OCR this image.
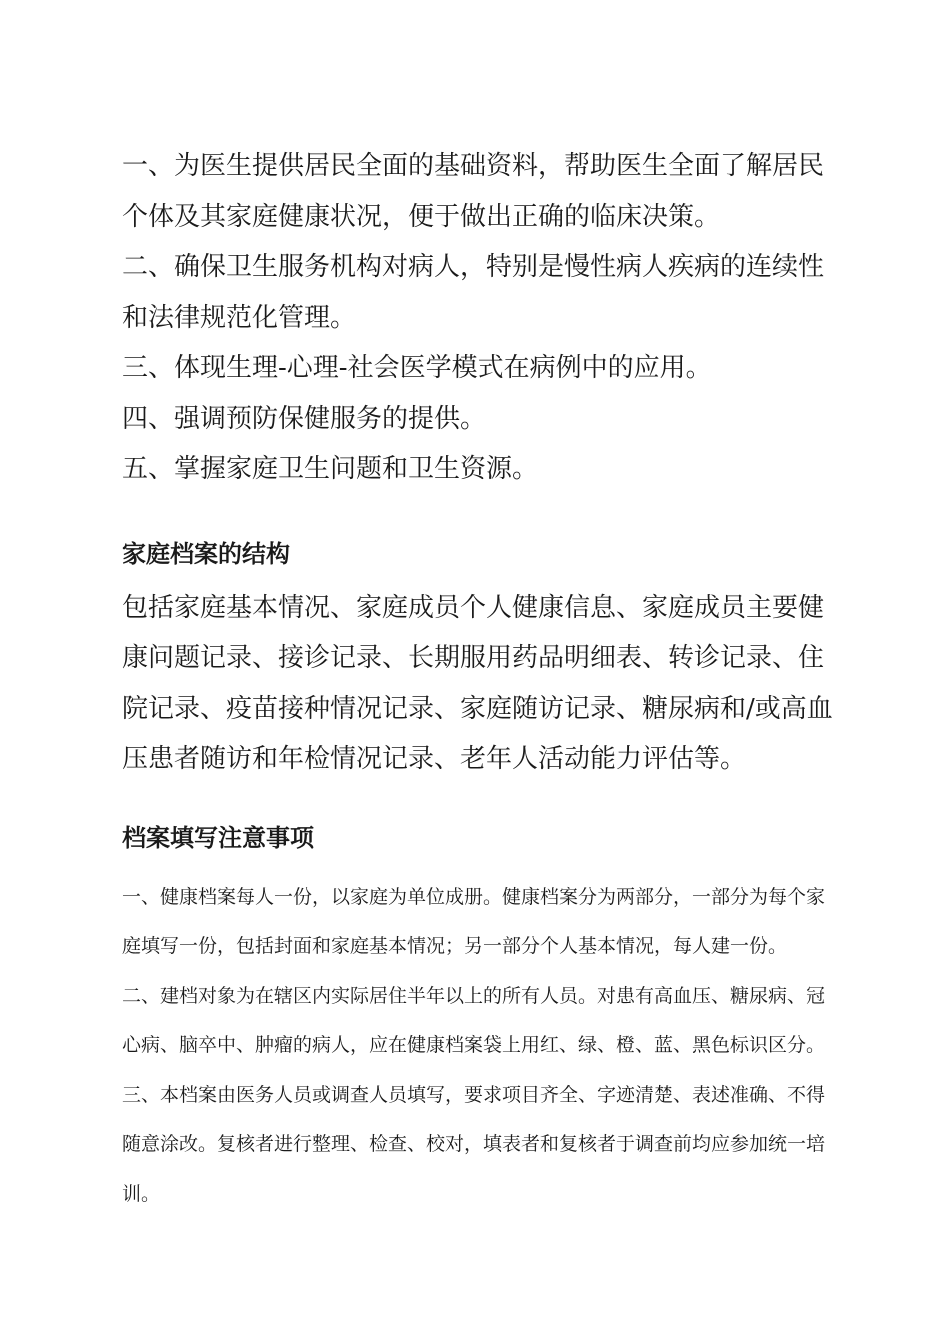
一、为医生提供居民全面的基础资料，帮助医生全面了解居民个体及其家庭健康状况，便于做出正确的临床决策。

二、确保卫生服务机构对病人，特别是慢性病人疾病的连续性和法律规范化管理。

三、体现生理-心理-社会医学模式在病例中的应用。

四、强调预防保健服务的提供。

五、掌握家庭卫生问题和卫生资源。

家庭档案的结构

包括家庭基本情况、家庭成员个人健康信息、家庭成员主要健康问题记录、接诊记录、长期服用药品明细表、转诊记录、住院记录、疫苗接种情况记录、家庭随访记录、糖尿病和/或高血压患者随访和年检情况记录、老年人活动能力评估等。

档案填写注意事项

一、健康档案每人一份，以家庭为单位成册。健康档案分为两部分，一部分为每个家庭填写一份，包括封面和家庭基本情况；另一部分个人基本情况，每人建一份。

二、建档对象为在辖区内实际居住半年以上的所有人员。对患有高血压、糖尿病、冠心病、脑卒中、肿瘤的病人，应在健康档案袋上用红、绿、橙、蓝、黑色标识区分。

三、本档案由医务人员或调查人员填写，要求项目齐全、字迹清楚、表述准确、不得随意涂改。复核者进行整理、检查、校对，填表者和复核者于调查前均应参加统一培训。
